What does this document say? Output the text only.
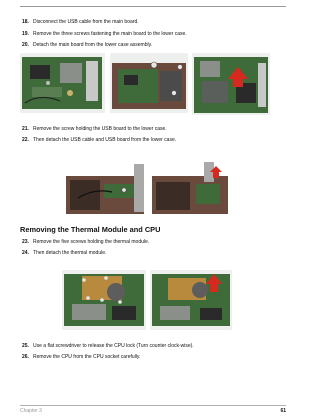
18. Disconnect the USB cable from the main board.
19. Remove the three screws fastening the main board to the lower case.
20. Detach the main board from the lower case assembly.
21. Remove the screw holding the USB board to the lower case.
22. Then detach the USB cable and USB board from the lower case.
Removing the Thermal Module and CPU
23. Remove the five screws holding the thermal module.
24. Then detach the thermal module.
25. Use a flat screwdriver to release the CPU lock (Turn counter clock-wise).
26. Remove the CPU from the CPU socket carefully.
Chapter 3	61
